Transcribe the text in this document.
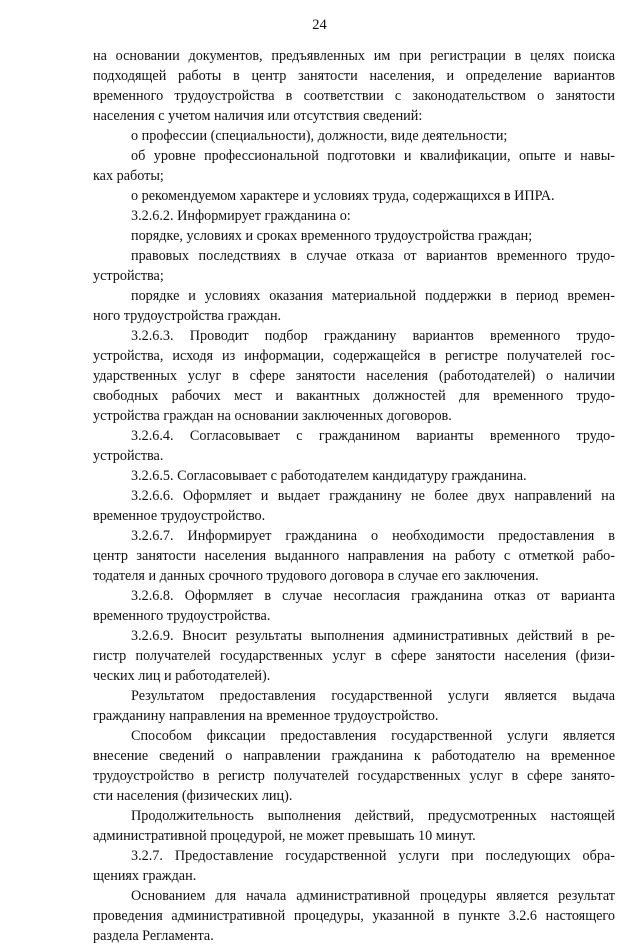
24
на основании документов, предъявленных им при регистрации в целях поиска
подходящей работы в центр занятости населения, и определение вариантов
временного трудоустройства в соответствии с законодательством о занятости
населения с учетом наличия или отсутствия сведений:
о профессии (специальности), должности, виде деятельности;
об уровне профессиональной подготовки и квалификации, опыте и навы-
ках работы;
о рекомендуемом характере и условиях труда, содержащихся в ИПРА.
3.2.6.2. Информирует гражданина о:
порядке, условиях и сроках временного трудоустройства граждан;
правовых последствиях в случае отказа от вариантов временного трудо-
устройства;
порядке и условиях оказания материальной поддержки в период времен-
ного трудоустройства граждан.
3.2.6.3. Проводит подбор гражданину вариантов временного трудо-
устройства, исходя из информации, содержащейся в регистре получателей гос-
ударственных услуг в сфере занятости населения (работодателей) о наличии
свободных рабочих мест и вакантных должностей для временного трудо-
устройства граждан на основании заключенных договоров.
3.2.6.4. Согласовывает с гражданином варианты временного трудо-
устройства.
3.2.6.5. Согласовывает с работодателем кандидатуру гражданина.
3.2.6.6. Оформляет и выдает гражданину не более двух направлений на
временное трудоустройство.
3.2.6.7. Информирует гражданина о необходимости предоставления в
центр занятости населения выданного направления на работу с отметкой рабо-
тодателя и данных срочного трудового договора в случае его заключения.
3.2.6.8. Оформляет в случае несогласия гражданина отказ от варианта
временного трудоустройства.
3.2.6.9. Вносит результаты выполнения административных действий в ре-
гистр получателей государственных услуг в сфере занятости населения (физи-
ческих лиц и работодателей).
Результатом предоставления государственной услуги является выдача
гражданину направления на временное трудоустройство.
Способом фиксации предоставления государственной услуги является
внесение сведений о направлении гражданина к работодателю на временное
трудоустройство в регистр получателей государственных услуг в сфере занято-
сти населения (физических лиц).
Продолжительность выполнения действий, предусмотренных настоящей
административной процедурой, не может превышать 10 минут.
3.2.7. Предоставление государственной услуги при последующих обра-
щениях граждан.
Основанием для начала административной процедуры является результат
проведения административной процедуры, указанной в пункте 3.2.6 настоящего
раздела Регламента.
